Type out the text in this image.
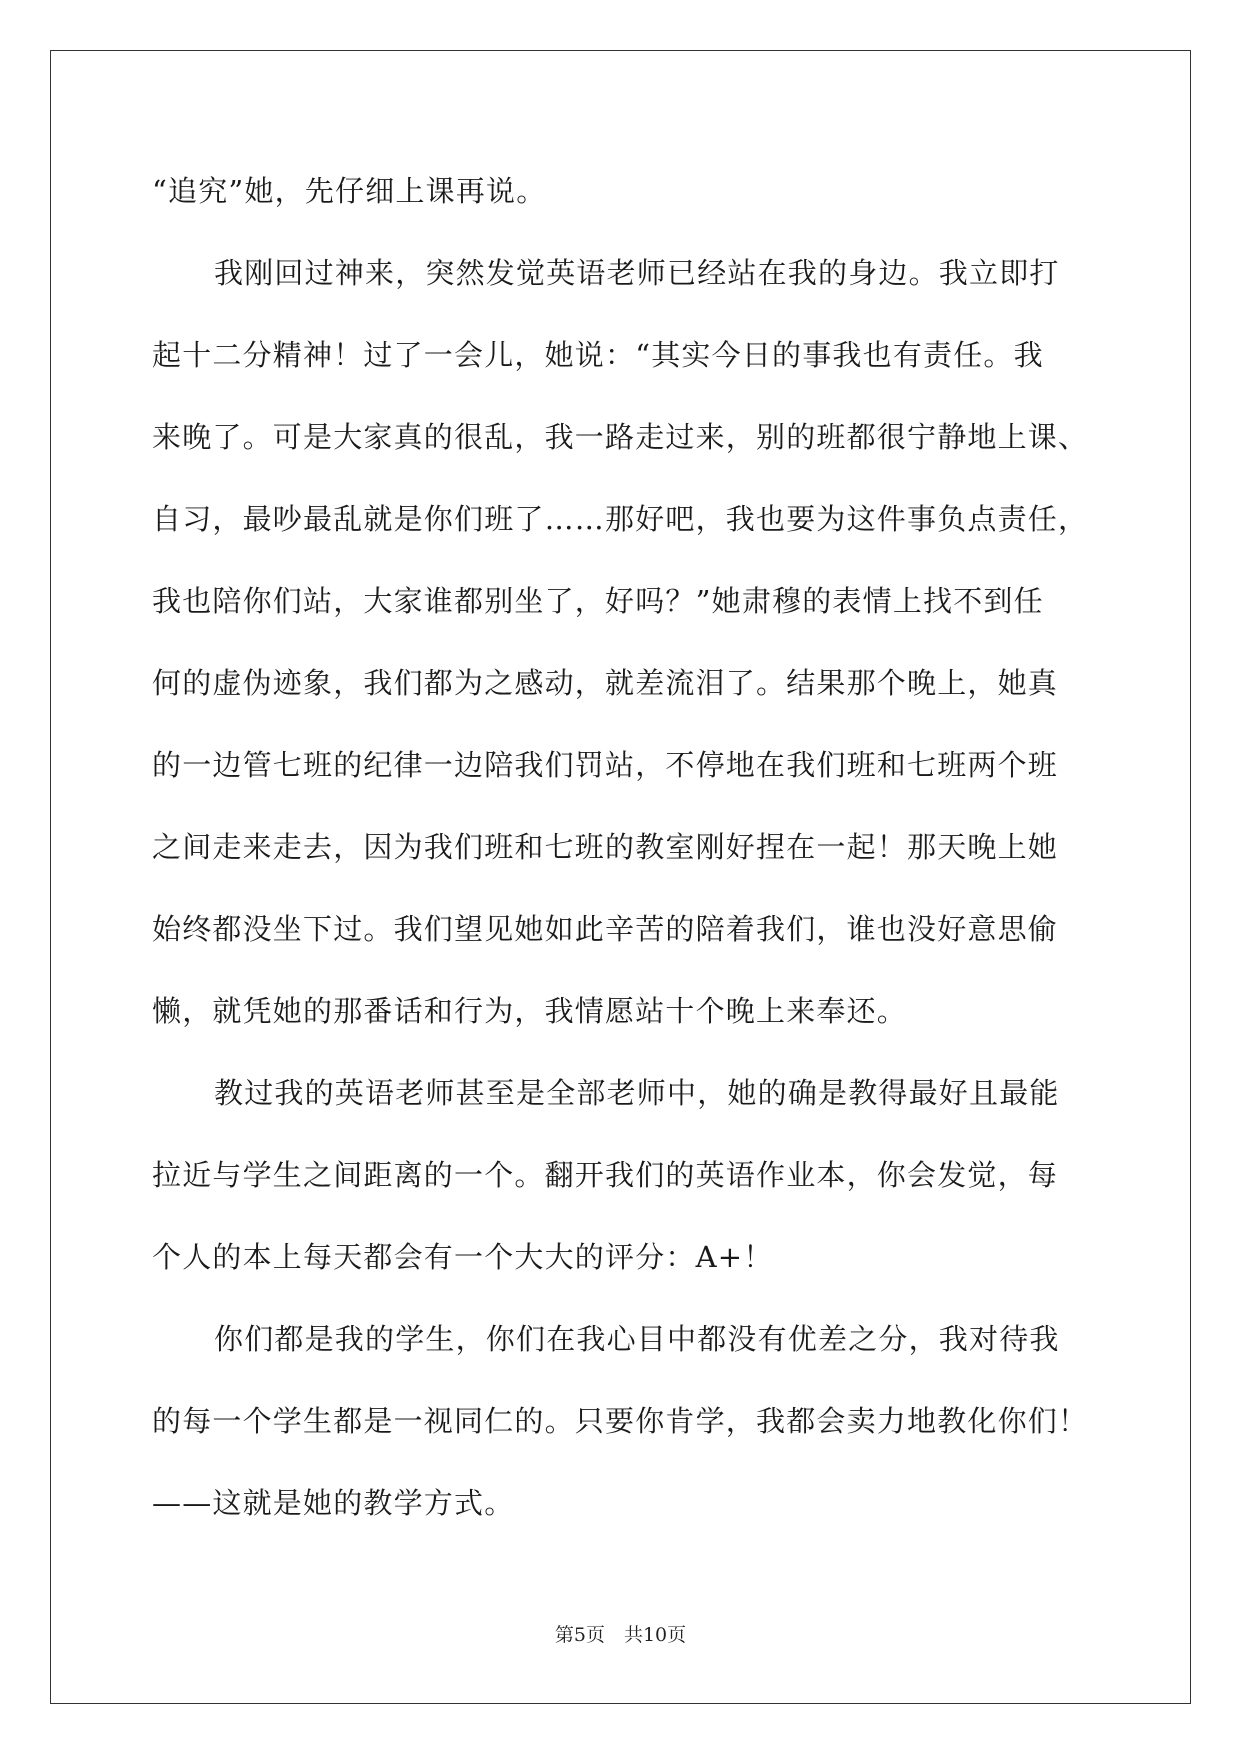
“追究”她，先仔细上课再说。
我刚回过神来，突然发觉英语老师已经站在我的身边。我立即打
起十二分精神！过了一会儿，她说：“其实今日的事我也有责任。我
来晚了。可是大家真的很乱，我一路走过来，别的班都很宁静地上课、
自习，最吵最乱就是你们班了……那好吧，我也要为这件事负点责任，
我也陪你们站，大家谁都别坐了，好吗？”她肃穆的表情上找不到任
何的虚伪迹象，我们都为之感动，就差流泪了。结果那个晚上，她真
的一边管七班的纪律一边陪我们罚站，不停地在我们班和七班两个班
之间走来走去，因为我们班和七班的教室刚好捏在一起！那天晚上她
始终都没坐下过。我们望见她如此辛苦的陪着我们，谁也没好意思偷
懒，就凭她的那番话和行为，我情愿站十个晚上来奉还。
教过我的英语老师甚至是全部老师中，她的确是教得最好且最能
拉近与学生之间距离的一个。翻开我们的英语作业本，你会发觉，每
个人的本上每天都会有一个大大的评分：A+！
你们都是我的学生，你们在我心目中都没有优差之分，我对待我
的每一个学生都是一视同仁的。只要你肯学，我都会卖力地教化你们！
——这就是她的教学方式。
第5页　共10页
